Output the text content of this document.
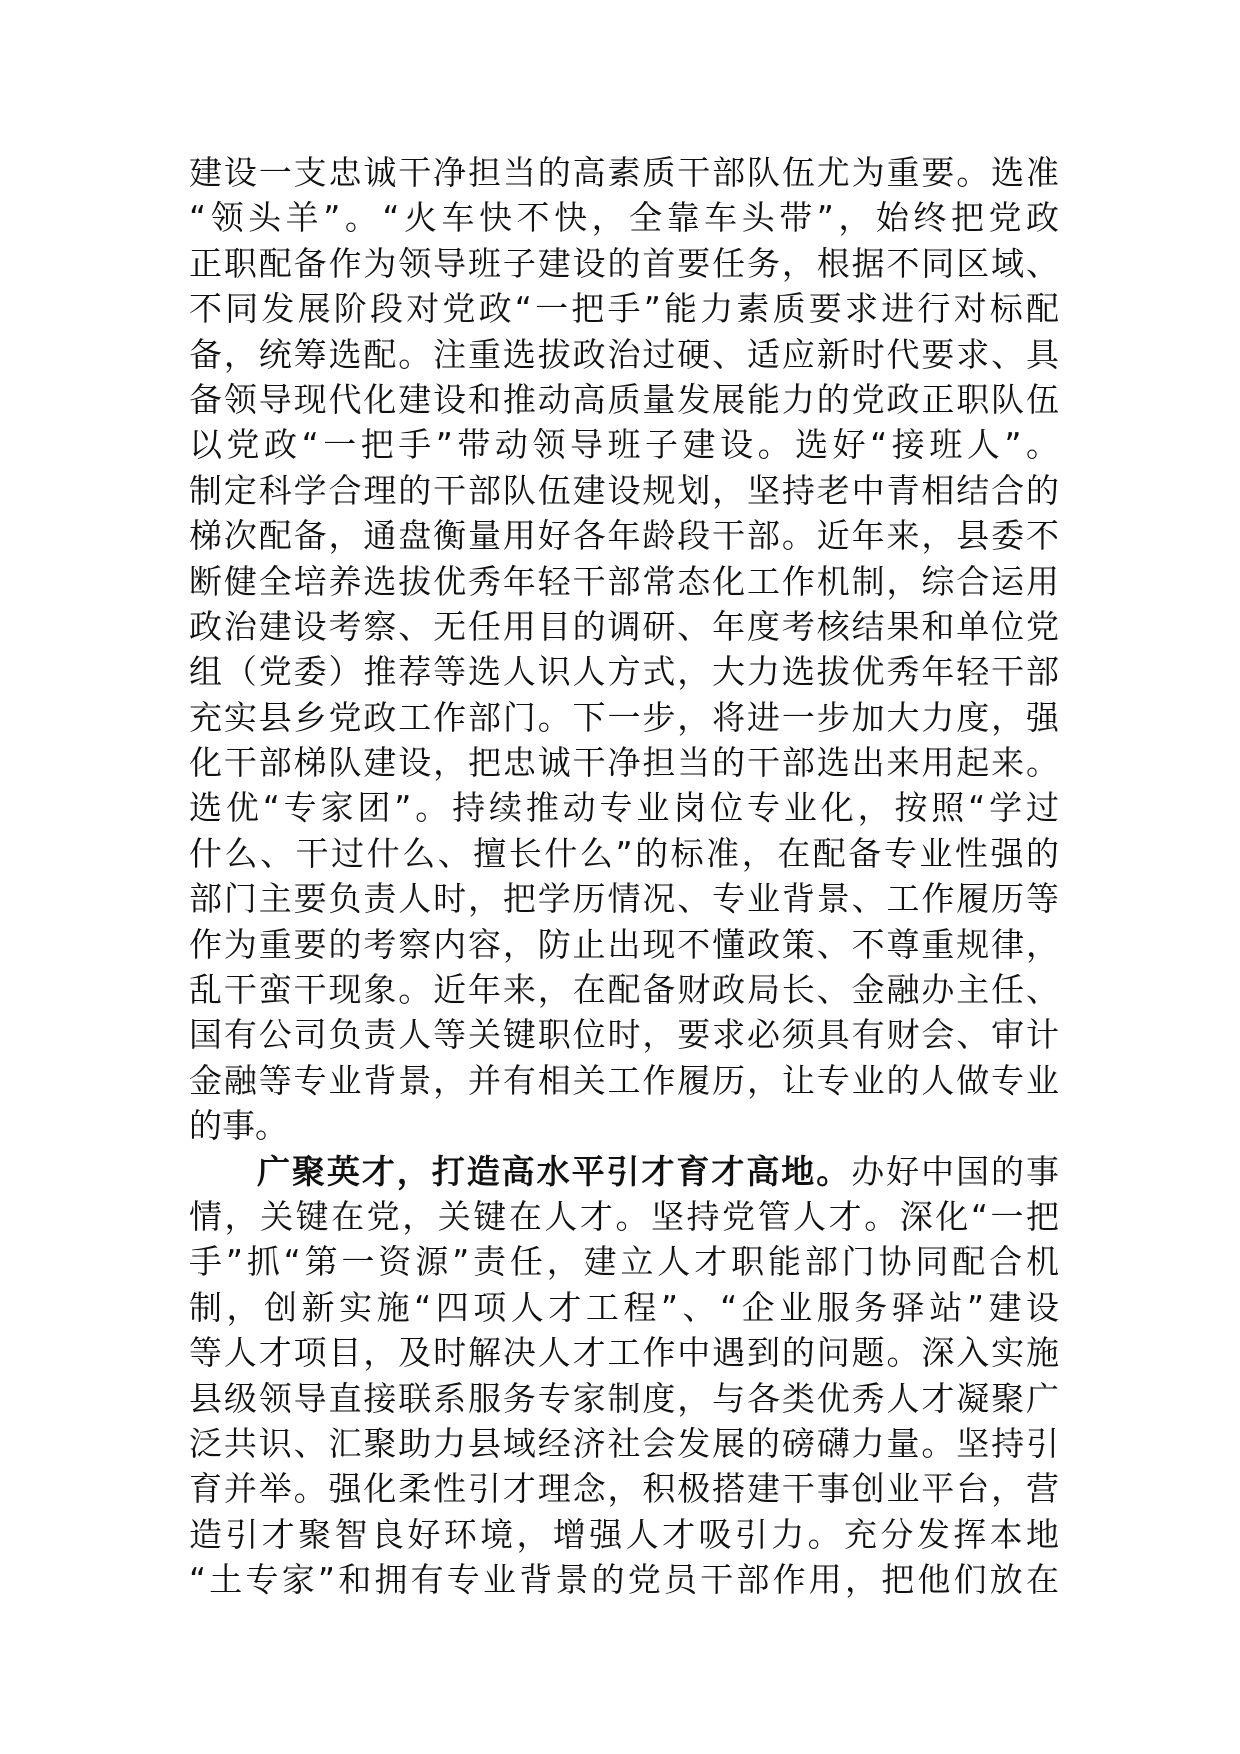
建设一支忠诚干净担当的高素质干部队伍尤为重要。选准
“领头羊”。“火车快不快，全靠车头带”，始终把党政
正职配备作为领导班子建设的首要任务，根据不同区域、
不同发展阶段对党政“一把手”能力素质要求进行对标配
备，统筹选配。注重选拔政治过硬、适应新时代要求、具
备领导现代化建设和推动高质量发展能力的党政正职队伍
以党政“一把手”带动领导班子建设。选好“接班人”。
制定科学合理的干部队伍建设规划，坚持老中青相结合的
梯次配备，通盘衡量用好各年龄段干部。近年来，县委不
断健全培养选拔优秀年轻干部常态化工作机制，综合运用
政治建设考察、无任用目的调研、年度考核结果和单位党
组（党委）推荐等选人识人方式，大力选拔优秀年轻干部
充实县乡党政工作部门。下一步，将进一步加大力度，强
化干部梯队建设，把忠诚干净担当的干部选出来用起来。
选优“专家团”。持续推动专业岗位专业化，按照“学过
什么、干过什么、擅长什么”的标准，在配备专业性强的
部门主要负责人时，把学历情况、专业背景、工作履历等
作为重要的考察内容，防止出现不懂政策、不尊重规律，
乱干蛮干现象。近年来，在配备财政局长、金融办主任、
国有公司负责人等关键职位时，要求必须具有财会、审计
金融等专业背景，并有相关工作履历，让专业的人做专业
的事。
广聚英才，打造高水平引才育才高地。办好中国的事
情，关键在党，关键在人才。坚持党管人才。深化“一把
手”抓“第一资源”责任，建立人才职能部门协同配合机
制，创新实施“四项人才工程”、“企业服务驿站”建设
等人才项目，及时解决人才工作中遇到的问题。深入实施
县级领导直接联系服务专家制度，与各类优秀人才凝聚广
泛共识、汇聚助力县域经济社会发展的磅礴力量。坚持引
育并举。强化柔性引才理念，积极搭建干事创业平台，营
造引才聚智良好环境，增强人才吸引力。充分发挥本地
“土专家”和拥有专业背景的党员干部作用，把他们放在
